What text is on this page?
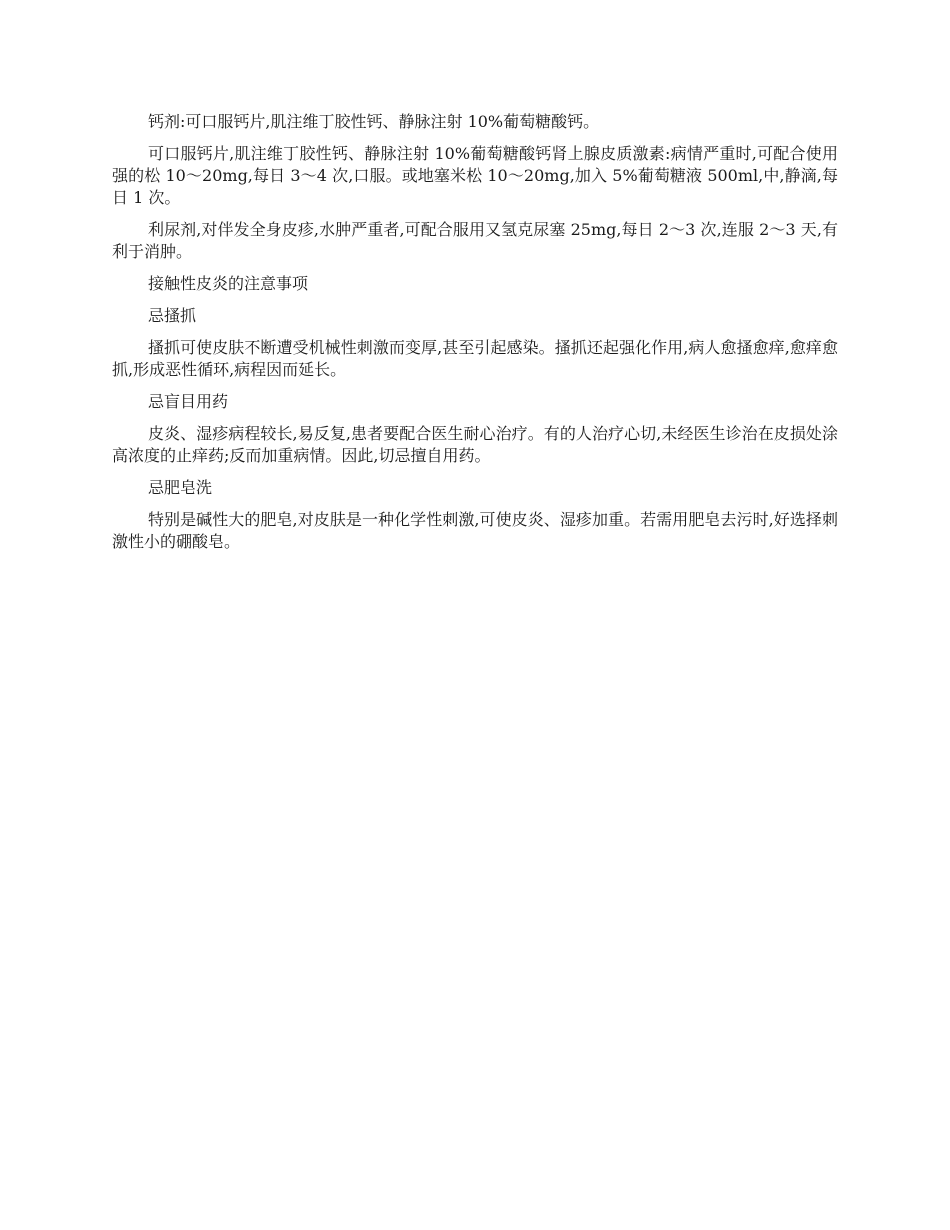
钙剂:可口服钙片,肌注维丁胶性钙、静脉注射 10%葡萄糖酸钙。

可口服钙片,肌注维丁胶性钙、静脉注射 10%葡萄糖酸钙肾上腺皮质激素:病情严重时,可配合使用强的松 10～20mg,每日 3～4 次,口服。或地塞米松 10～20mg,加入 5%葡萄糖液 500ml,中,静滴,每日 1 次。

利尿剂,对伴发全身皮疹,水肿严重者,可配合服用又氢克尿塞 25mg,每日 2～3 次,连服 2～3 天,有利于消肿。

接触性皮炎的注意事项

忌搔抓

搔抓可使皮肤不断遭受机械性刺激而变厚,甚至引起感染。搔抓还起强化作用,病人愈搔愈痒,愈痒愈抓,形成恶性循环,病程因而延长。

忌盲目用药

皮炎、湿疹病程较长,易反复,患者要配合医生耐心治疗。有的人治疗心切,未经医生诊治在皮损处涂高浓度的止痒药;反而加重病情。因此,切忌擅自用药。

忌肥皂洗

特别是碱性大的肥皂,对皮肤是一种化学性刺激,可使皮炎、湿疹加重。若需用肥皂去污时,好选择刺激性小的硼酸皂。
